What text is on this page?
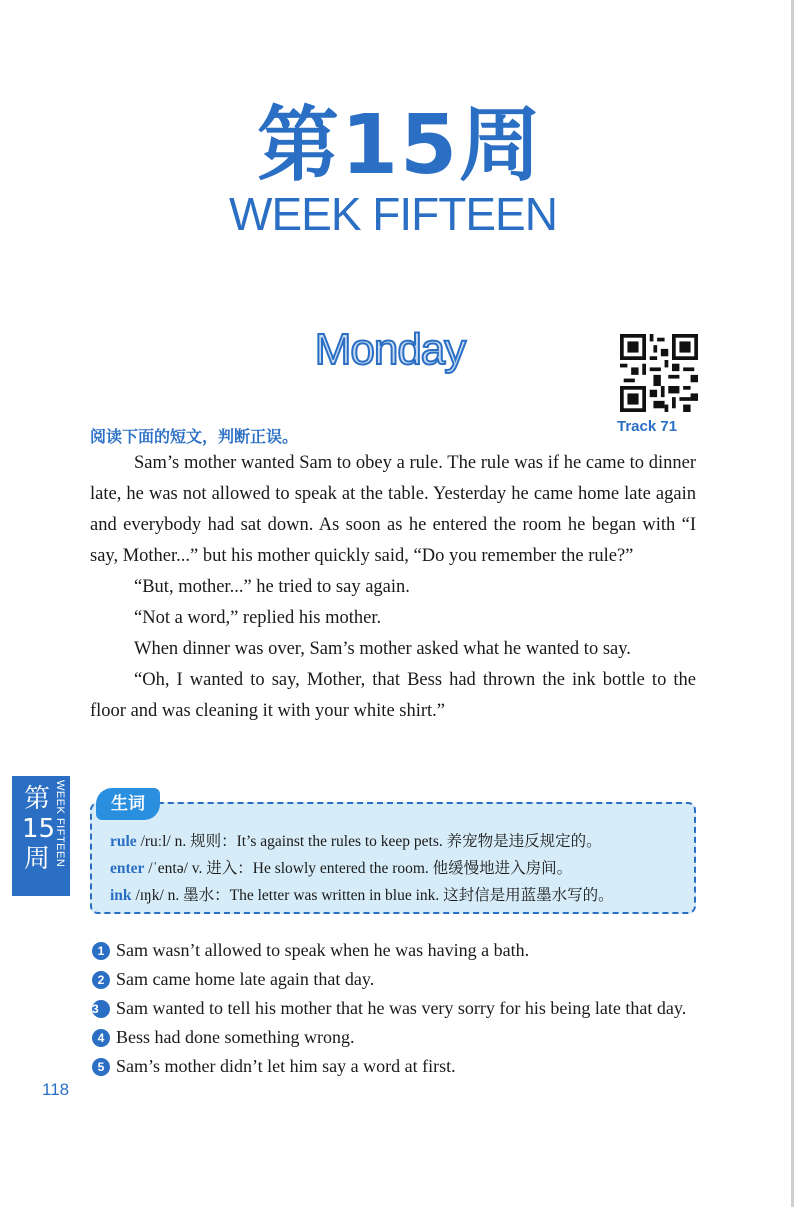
第15周
WEEK FIFTEEN
Monday
Track 71
阅读下面的短文，判断正误。

Sam’s mother wanted Sam to obey a rule. The rule was if he came to dinner late, he was not allowed to speak at the table. Yesterday he came home late again and everybody had sat down. As soon as he entered the room he began with “I say, Mother...” but his mother quickly said, “Do you remember the rule?”

“But, mother...” he tried to say again.

“Not a word,” replied his mother.

When dinner was over, Sam’s mother asked what he wanted to say.

“Oh, I wanted to say, Mother, that Bess had thrown the ink bottle to the floor and was cleaning it with your white shirt.”

第15周 WEEK FIFTEEN	rule /ruːl/ n. 规则：It’s against the rules to keep pets. 养宠物是违反规定的。
enter /ˈentə/ v. 进入：He slowly entered the room. 他缓慢地进入房间。
ink /ɪŋk/ n. 墨水：The letter was written in blue ink. 这封信是用蓝墨水写的。
生词
1 Sam wasn’t allowed to speak when he was having a bath.
2 Sam came home late again that day.
3 Sam wanted to tell his mother that he was very sorry for his being late that day.
4 Bess had done something wrong.
5 Sam’s mother didn’t let him say a word at first.
118
